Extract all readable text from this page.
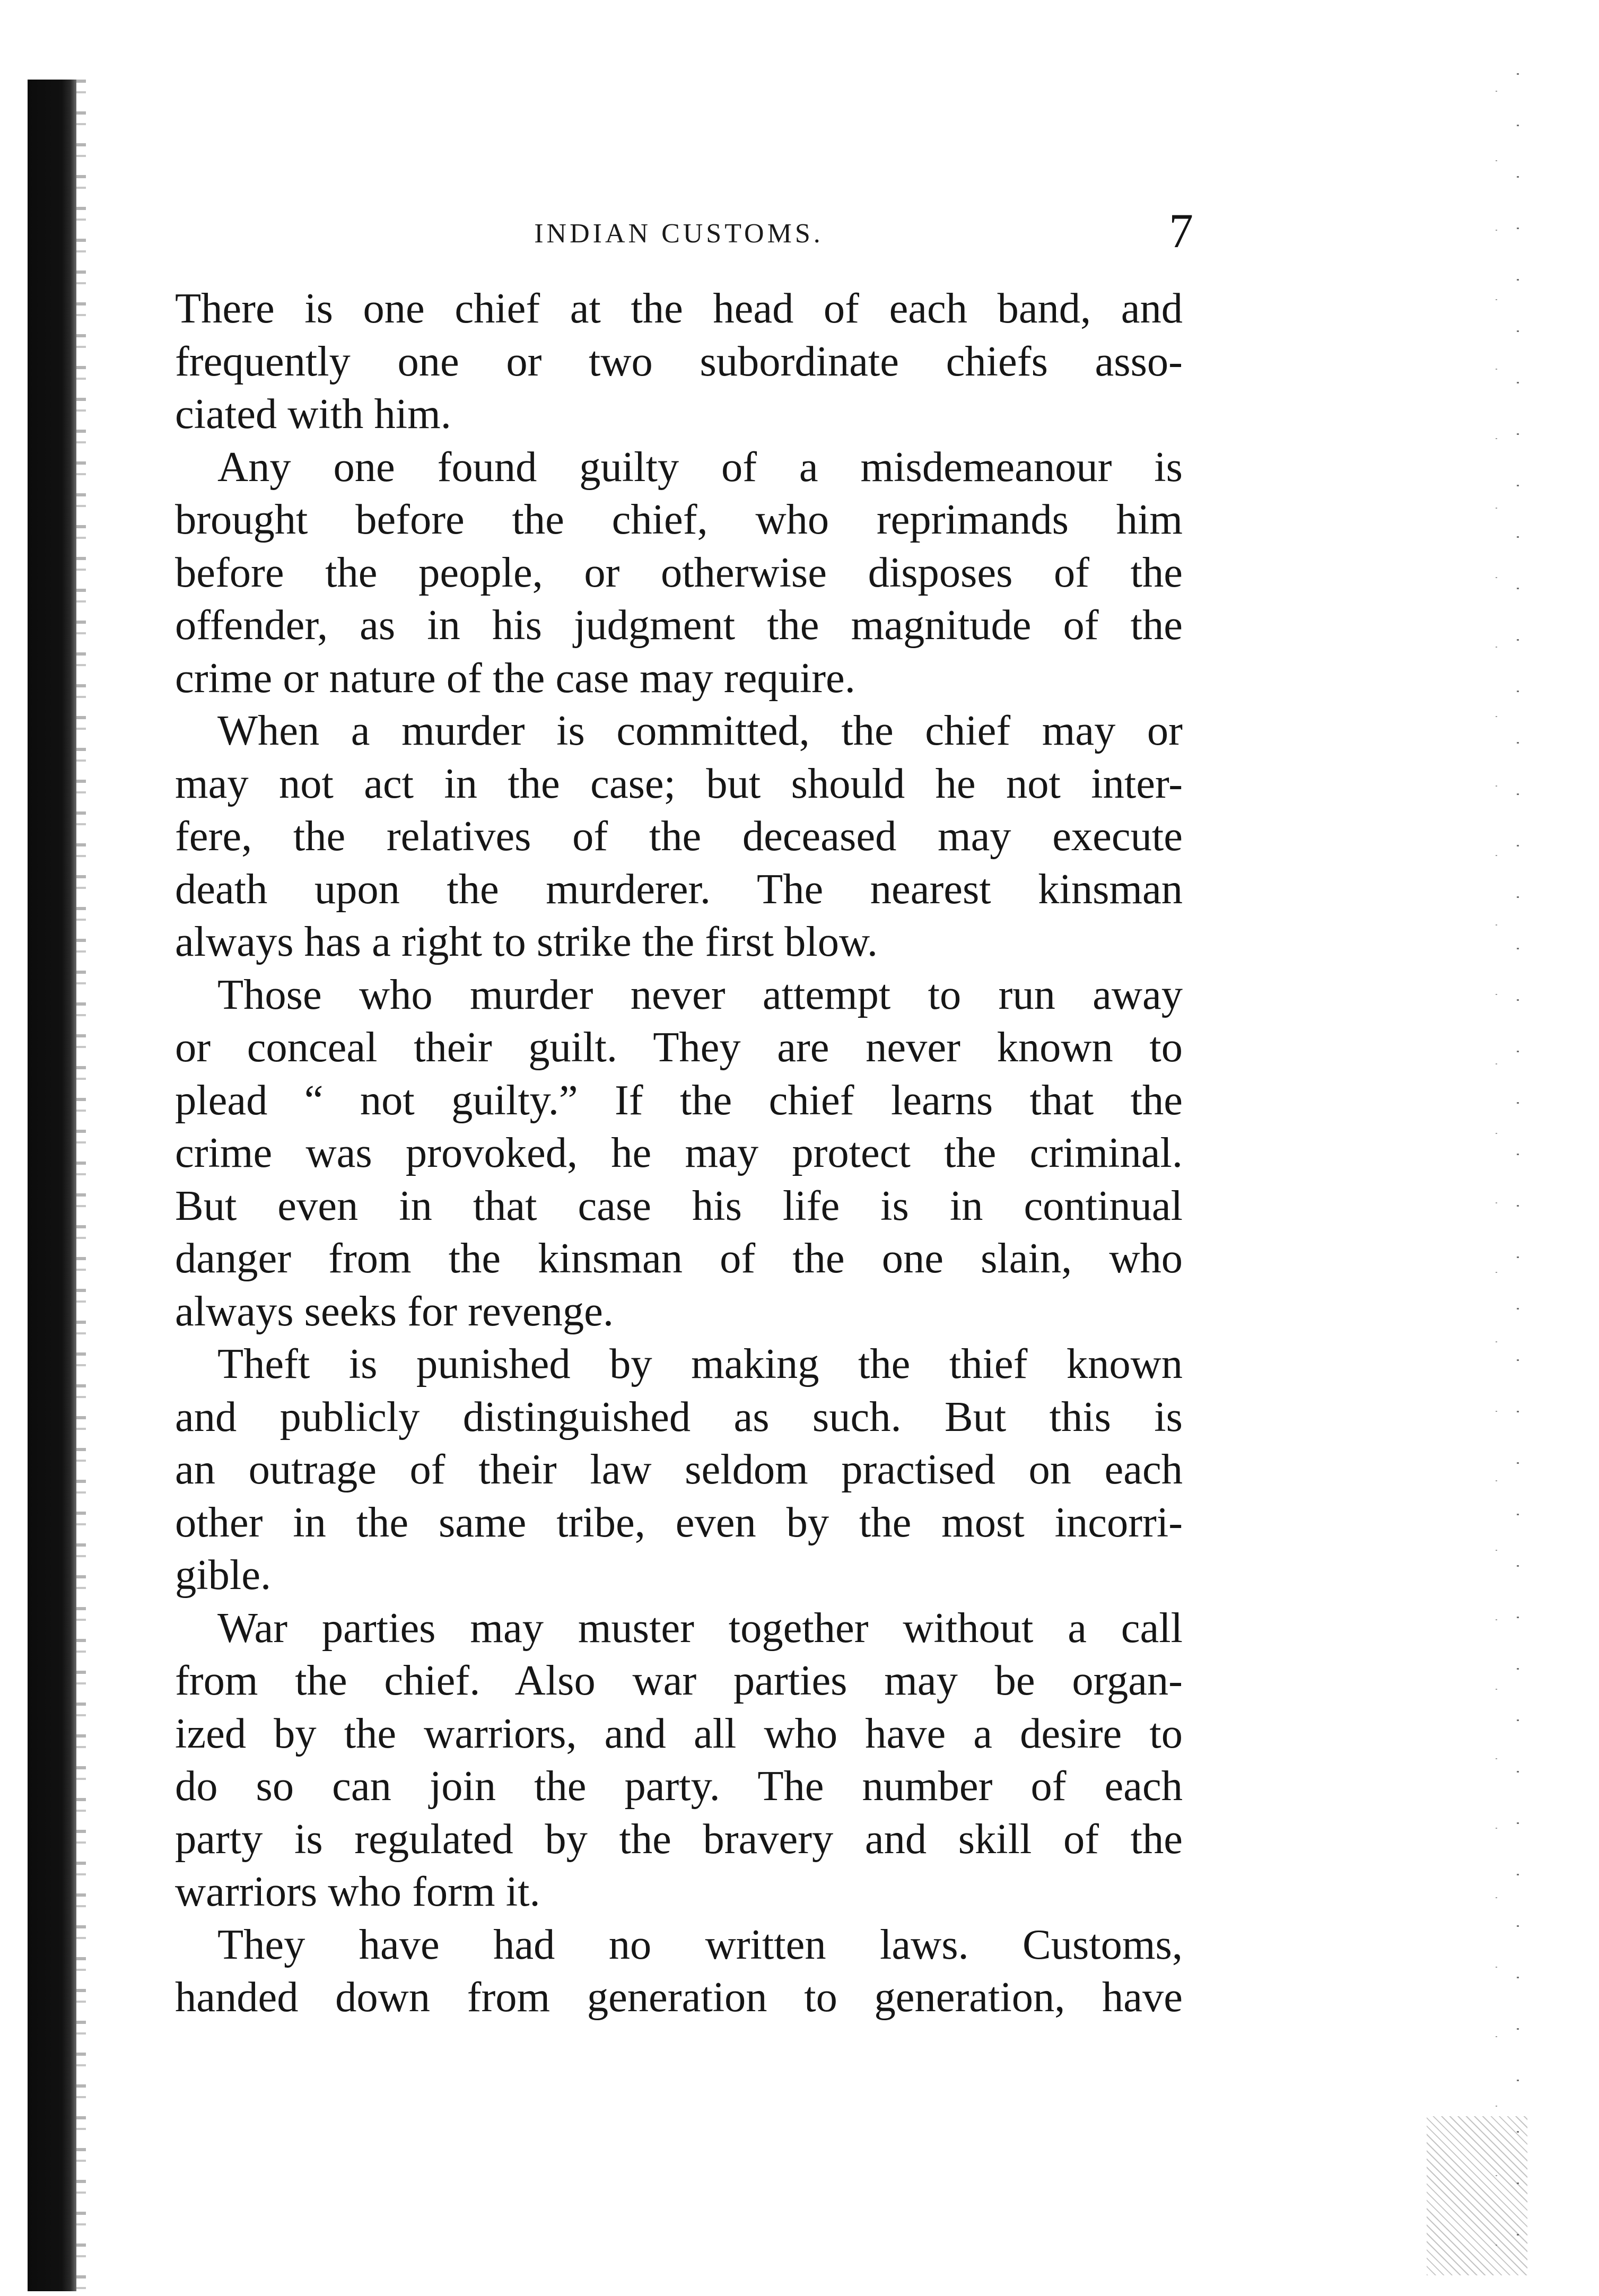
INDIAN CUSTOMS.	7
There is one chief at the head of each band, and
frequently one or two subordinate chiefs asso-
ciated with him.
Any one found guilty of a misdemeanour is
brought before the chief, who reprimands him
before the people, or otherwise disposes of the
offender, as in his judgment the magnitude of the
crime or nature of the case may require.
When a murder is committed, the chief may or
may not act in the case; but should he not inter-
fere, the relatives of the deceased may execute
death upon the murderer. The nearest kinsman
always has a right to strike the first blow.
Those who murder never attempt to run away
or conceal their guilt. They are never known to
plead “ not guilty.” If the chief learns that the
crime was provoked, he may protect the criminal.
But even in that case his life is in continual
danger from the kinsman of the one slain, who
always seeks for revenge.
Theft is punished by making the thief known
and publicly distinguished as such. But this is
an outrage of their law seldom practised on each
other in the same tribe, even by the most incorri-
gible.
War parties may muster together without a call
from the chief. Also war parties may be organ-
ized by the warriors, and all who have a desire to
do so can join the party. The number of each
party is regulated by the bravery and skill of the
warriors who form it.
They have had no written laws. Customs,
handed down from generation to generation, have
